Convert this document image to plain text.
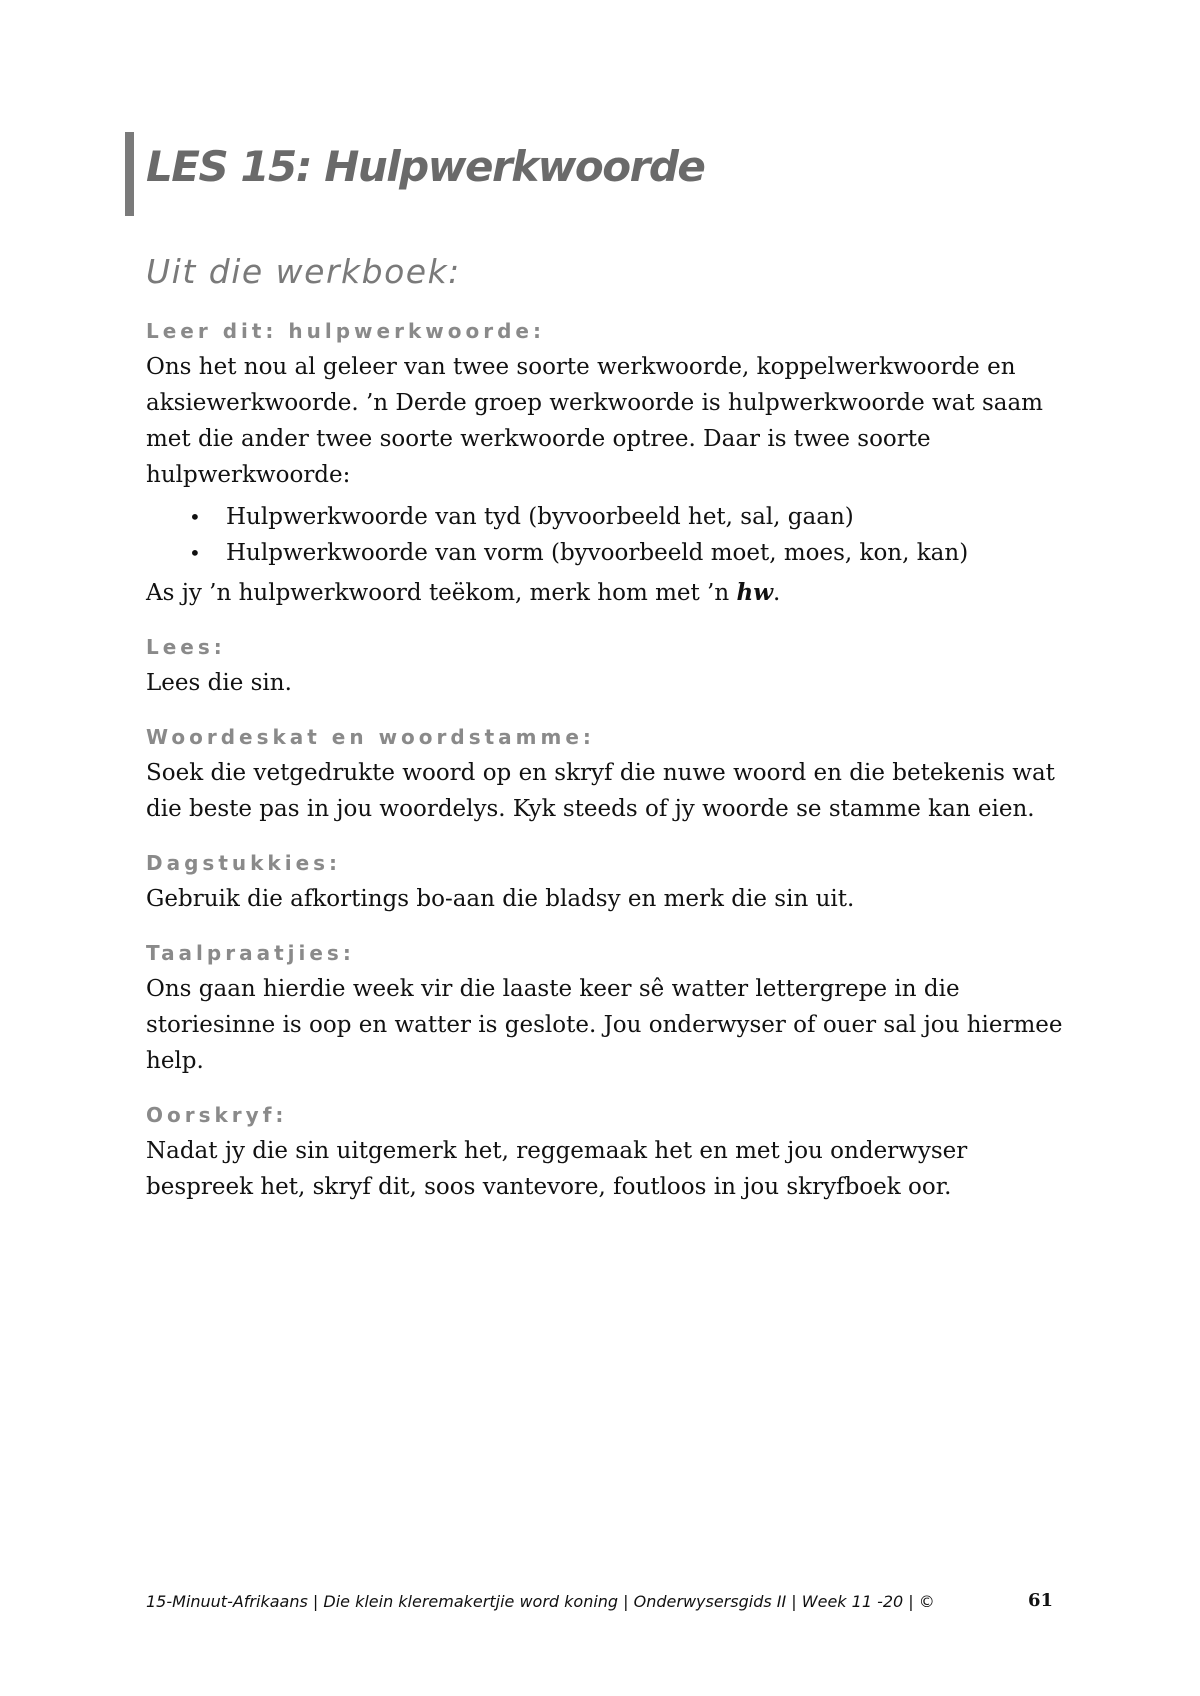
LES 15: Hulpwerkwoorde
Uit die werkboek:
Leer dit: hulpwerkwoorde:

Ons het nou al geleer van twee soorte werkwoorde, koppelwerkwoorde en aksiewerkwoorde. ’n Derde groep werkwoorde is hulpwerkwoorde wat saam met die ander twee soorte werkwoorde optree. Daar is twee soorte hulpwerkwoorde:

• Hulpwerkwoorde van tyd (byvoorbeeld het, sal, gaan)
• Hulpwerkwoorde van vorm (byvoorbeeld moet, moes, kon, kan)

As jy ’n hulpwerkwoord teëkom, merk hom met ’n hw.

Lees:

Lees die sin.

Woordeskat en woordstamme:

Soek die vetgedrukte woord op en skryf die nuwe woord en die betekenis wat die beste pas in jou woordelys. Kyk steeds of jy woorde se stamme kan eien.

Dagstukkies:

Gebruik die afkortings bo-aan die bladsy en merk die sin uit.

Taalpraatjies:

Ons gaan hierdie week vir die laaste keer sê watter lettergrepe in die storiesinne is oop en watter is geslote. Jou onderwyser of ouer sal jou hiermee help.

Oorskryf:

Nadat jy die sin uitgemerk het, reggemaak het en met jou onderwyser bespreek het, skryf dit, soos vantevore, foutloos in jou skryfboek oor.

15-Minuut-Afrikaans | Die klein kleremakertjie word koning | Onderwysersgids II | Week 11 -20 | ©	61
